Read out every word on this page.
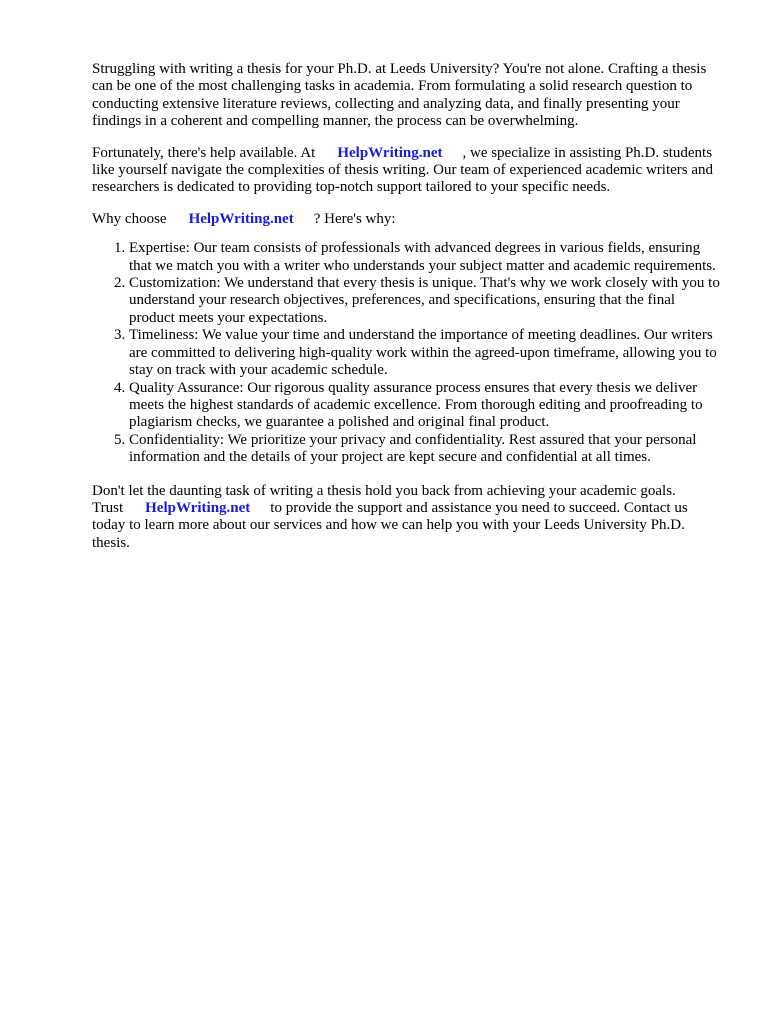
Struggling with writing a thesis for your Ph.D. at Leeds University? You're not alone. Crafting a thesis can be one of the most challenging tasks in academia. From formulating a solid research question to conducting extensive literature reviews, collecting and analyzing data, and finally presenting your findings in a coherent and compelling manner, the process can be overwhelming.

Fortunately, there's help available. At HelpWriting.net , we specialize in assisting Ph.D. students like yourself navigate the complexities of thesis writing. Our team of experienced academic writers and researchers is dedicated to providing top-notch support tailored to your specific needs.

Why choose HelpWriting.net ? Here's why:

1. Expertise: Our team consists of professionals with advanced degrees in various fields, ensuring that we match you with a writer who understands your subject matter and academic requirements.
2. Customization: We understand that every thesis is unique. That's why we work closely with you to understand your research objectives, preferences, and specifications, ensuring that the final product meets your expectations.
3. Timeliness: We value your time and understand the importance of meeting deadlines. Our writers are committed to delivering high-quality work within the agreed-upon timeframe, allowing you to stay on track with your academic schedule.
4. Quality Assurance: Our rigorous quality assurance process ensures that every thesis we deliver meets the highest standards of academic excellence. From thorough editing and proofreading to plagiarism checks, we guarantee a polished and original final product.
5. Confidentiality: We prioritize your privacy and confidentiality. Rest assured that your personal information and the details of your project are kept secure and confidential at all times.

Don't let the daunting task of writing a thesis hold you back from achieving your academic goals.
Trust HelpWriting.net to provide the support and assistance you need to succeed. Contact us today to learn more about our services and how we can help you with your Leeds University Ph.D. thesis.
